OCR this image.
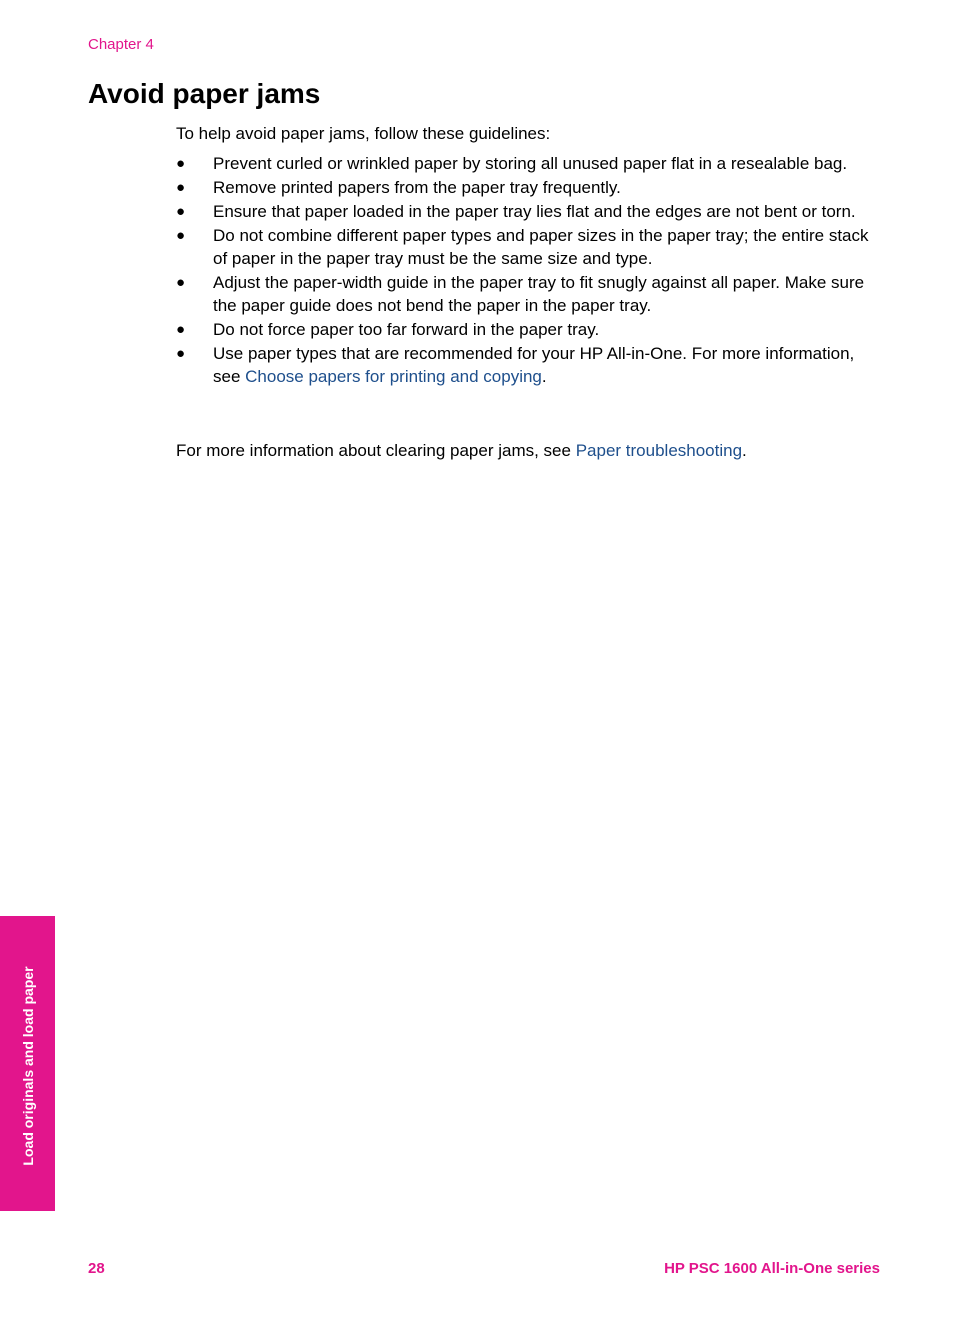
Chapter 4
Avoid paper jams

To help avoid paper jams, follow these guidelines:

● Prevent curled or wrinkled paper by storing all unused paper flat in a resealable bag.
● Remove printed papers from the paper tray frequently.
● Ensure that paper loaded in the paper tray lies flat and the edges are not bent or torn.
● Do not combine different paper types and paper sizes in the paper tray; the entire stack of paper in the paper tray must be the same size and type.
● Adjust the paper-width guide in the paper tray to fit snugly against all paper. Make sure the paper guide does not bend the paper in the paper tray.
● Do not force paper too far forward in the paper tray.
● Use paper types that are recommended for your HP All-in-One. For more information, see Choose papers for printing and copying.

For more information about clearing paper jams, see Paper troubleshooting.

Load originals and load paper
28	HP PSC 1600 All-in-One series
